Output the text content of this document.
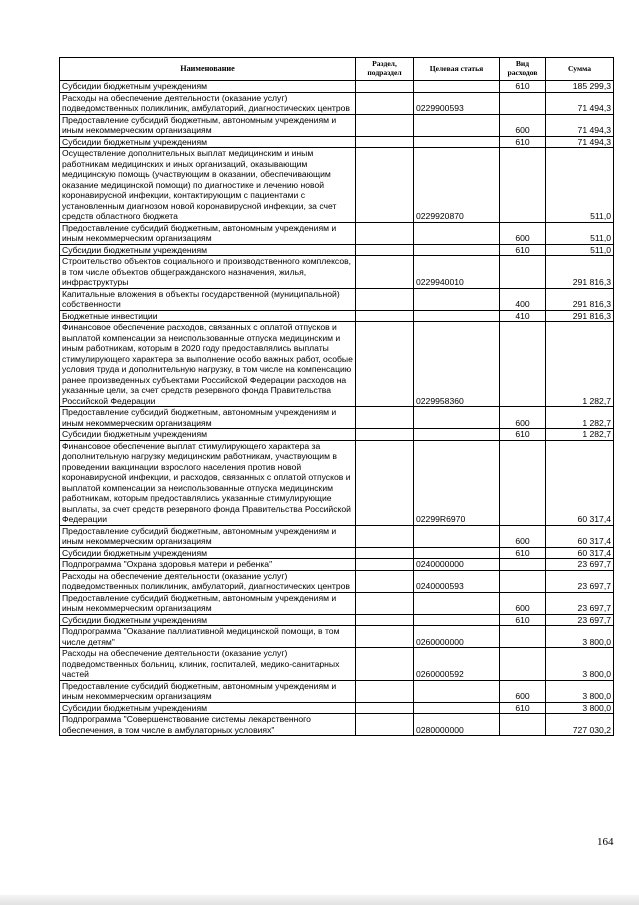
Наименование	Раздел, подраздел	Целевая статья	Вид расходов	Сумма
Субсидии бюджетным учреждениям			610	185 299,3
Расходы на обеспечение деятельности (оказание услуг) подведомственных поликлиник, амбулаторий, диагностических центров		0229900593		71 494,3
Предоставление субсидий бюджетным, автономным учреждениям и иным некоммерческим организациям			600	71 494,3
Субсидии бюджетным учреждениям			610	71 494,3
Осуществление дополнительных выплат медицинским и иным работникам медицинских и иных организаций, оказывающим медицинскую помощь (участвующим в оказании, обеспечивающим оказание медицинской помощи) по диагностике и лечению новой коронавирусной инфекции, контактирующим с пациентами с установленным диагнозом новой коронавирусной инфекции, за счет средств областного бюджета		0229920870		511,0
Предоставление субсидий бюджетным, автономным учреждениям и иным некоммерческим организациям			600	511,0
Субсидии бюджетным учреждениям			610	511,0
Строительство объектов социального и производственного комплексов, в том числе объектов общегражданского назначения, жилья, инфраструктуры		0229940010		291 816,3
Капитальные вложения в объекты государственной (муниципальной) собственности			400	291 816,3
Бюджетные инвестиции			410	291 816,3
Финансовое обеспечение расходов, связанных с оплатой отпусков и выплатой компенсации за неиспользованные отпуска медицинским и иным работникам, которым в 2020 году предоставлялись выплаты стимулирующего характера за выполнение особо важных работ, особые условия труда и дополнительную нагрузку, в том числе на компенсацию ранее произведенных субъектами Российской Федерации расходов на указанные цели, за счет средств резервного фонда Правительства Российской Федерации		0229958360		1 282,7
Предоставление субсидий бюджетным, автономным учреждениям и иным некоммерческим организациям			600	1 282,7
Субсидии бюджетным учреждениям			610	1 282,7
Финансовое обеспечение выплат стимулирующего характера за дополнительную нагрузку медицинским работникам, участвующим в проведении вакцинации взрослого населения против новой коронавирусной инфекции, и расходов, связанных с оплатой отпусков и выплатой компенсации за неиспользованные отпуска медицинским работникам, которым предоставлялись указанные стимулирующие выплаты, за счет средств резервного фонда Правительства Российской Федерации		02299R6970		60 317,4
Предоставление субсидий бюджетным, автономным учреждениям и иным некоммерческим организациям			600	60 317,4
Субсидии бюджетным учреждениям			610	60 317,4
Подпрограмма "Охрана здоровья матери и ребенка"		0240000000		23 697,7
Расходы на обеспечение деятельности (оказание услуг) подведомственных поликлиник, амбулаторий, диагностических центров		0240000593		23 697,7
Предоставление субсидий бюджетным, автономным учреждениям и иным некоммерческим организациям			600	23 697,7
Субсидии бюджетным учреждениям			610	23 697,7
Подпрограмма "Оказание паллиативной медицинской помощи, в том числе детям"		0260000000		3 800,0
Расходы на обеспечение деятельности (оказание услуг) подведомственных больниц, клиник, госпиталей, медико-санитарных частей		0260000592		3 800,0
Предоставление субсидий бюджетным, автономным учреждениям и иным некоммерческим организациям			600	3 800,0
Субсидии бюджетным учреждениям			610	3 800,0
Подпрограмма "Совершенствование системы лекарственного обеспечения, в том числе в амбулаторных условиях"		0280000000		727 030,2
164
